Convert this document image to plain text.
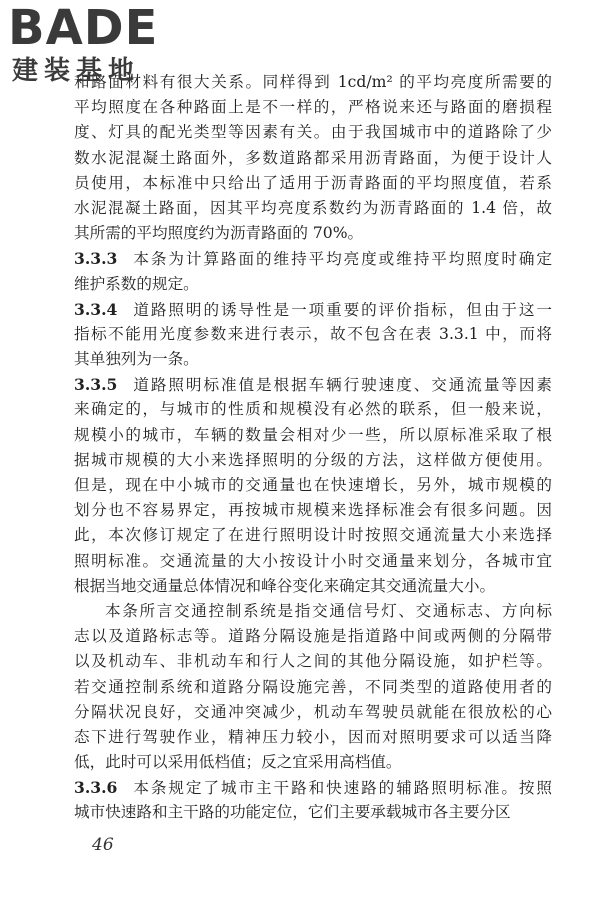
BADE
建装基地
和路面材料有很大关系。同样得到 1cd/m² 的平均亮度所需要的
平均照度在各种路面上是不一样的，严格说来还与路面的磨损程
度、灯具的配光类型等因素有关。由于我国城市中的道路除了少
数水泥混凝土路面外，多数道路都采用沥青路面，为便于设计人
员使用，本标准中只给出了适用于沥青路面的平均照度值，若系
水泥混凝土路面，因其平均亮度系数约为沥青路面的 1.4 倍，故
其所需的平均照度约为沥青路面的 70%。
3.3.3 本条为计算路面的维持平均亮度或维持平均照度时确定
维护系数的规定。
3.3.4 道路照明的诱导性是一项重要的评价指标，但由于这一
指标不能用光度参数来进行表示，故不包含在表 3.3.1 中，而将
其单独列为一条。
3.3.5 道路照明标准值是根据车辆行驶速度、交通流量等因素
来确定的，与城市的性质和规模没有必然的联系，但一般来说，
规模小的城市，车辆的数量会相对少一些，所以原标准采取了根
据城市规模的大小来选择照明的分级的方法，这样做方便使用。
但是，现在中小城市的交通量也在快速增长，另外，城市规模的
划分也不容易界定，再按城市规模来选择标准会有很多问题。因
此，本次修订规定了在进行照明设计时按照交通流量大小来选择
照明标准。交通流量的大小按设计小时交通量来划分，各城市宜
根据当地交通量总体情况和峰谷变化来确定其交通流量大小。
本条所言交通控制系统是指交通信号灯、交通标志、方向标
志以及道路标志等。道路分隔设施是指道路中间或两侧的分隔带
以及机动车、非机动车和行人之间的其他分隔设施，如护栏等。
若交通控制系统和道路分隔设施完善，不同类型的道路使用者的
分隔状况良好，交通冲突减少，机动车驾驶员就能在很放松的心
态下进行驾驶作业，精神压力较小，因而对照明要求可以适当降
低，此时可以采用低档值；反之宜采用高档值。
3.3.6 本条规定了城市主干路和快速路的辅路照明标准。按照
城市快速路和主干路的功能定位，它们主要承载城市各主要分区
46
